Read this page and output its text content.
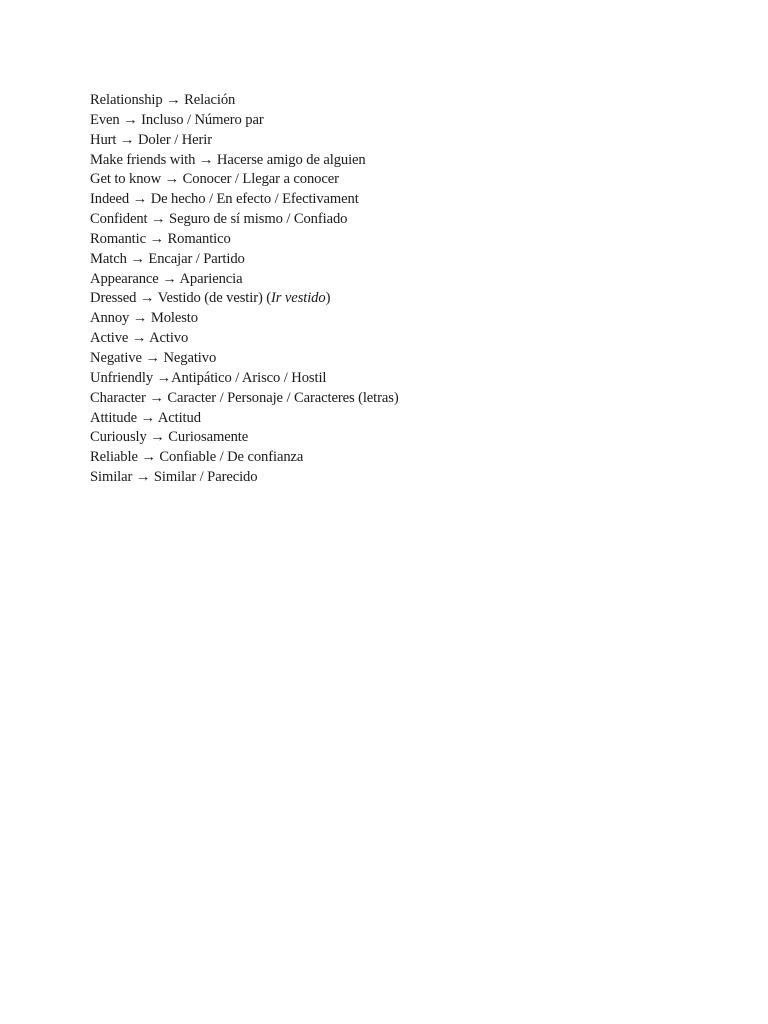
Relationship → Relación
Even → Incluso / Número par
Hurt → Doler / Herir
Make friends with → Hacerse amigo de alguien
Get to know → Conocer / Llegar a conocer
Indeed → De hecho / En efecto / Efectivament
Confident → Seguro de sí mismo / Confiado
Romantic → Romantico
Match → Encajar / Partido
Appearance → Apariencia
Dressed → Vestido (de vestir) (Ir vestido)
Annoy → Molesto
Active → Activo
Negative → Negativo
Unfriendly →Antipático / Arisco / Hostil
Character → Caracter / Personaje / Caracteres (letras)
Attitude → Actitud
Curiously → Curiosamente
Reliable → Confiable / De confianza
Similar → Similar / Parecido
